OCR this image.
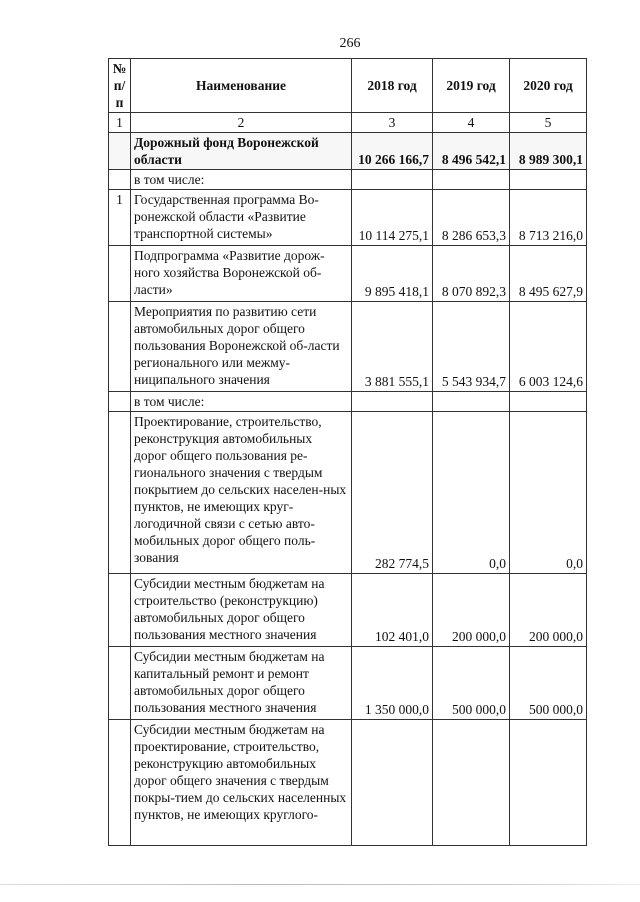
266
№ п/п	Наименование	2018 год	2019 год	2020 год
1	2	3	4	5
	Дорожный фонд Воронежской области	10 266 166,7	8 496 542,1	8 989 300,1
	в том числе:			
1	Государственная программа Во-ронежской области «Развитие транспортной системы»	10 114 275,1	8 286 653,3	8 713 216,0
	Подпрограмма «Развитие дорож-ного хозяйства Воронежской об-ласти»	9 895 418,1	8 070 892,3	8 495 627,9
	Мероприятия по развитию сети автомобильных дорог общего пользования Воронежской об-ласти регионального или межму-ниципального значения	3 881 555,1	5 543 934,7	6 003 124,6
	в том числе:			
	Проектирование, строительство, реконструкция автомобильных дорог общего пользования ре-гионального значения с твердым покрытием до сельских населен-ных пунктов, не имеющих круг-логодичной связи с сетью авто-мобильных дорог общего поль-зования	282 774,5	0,0	0,0
	Субсидии местным бюджетам на строительство (реконструкцию) автомобильных дорог общего пользования местного значения	102 401,0	200 000,0	200 000,0
	Субсидии местным бюджетам на капитальный ремонт и ремонт автомобильных дорог общего пользования местного значения	1 350 000,0	500 000,0	500 000,0
	Субсидии местным бюджетам на проектирование, строительство, реконструкцию автомобильных дорог общего значения с твердым покры-тием до сельских населенных пунктов, не имеющих круглого-			
